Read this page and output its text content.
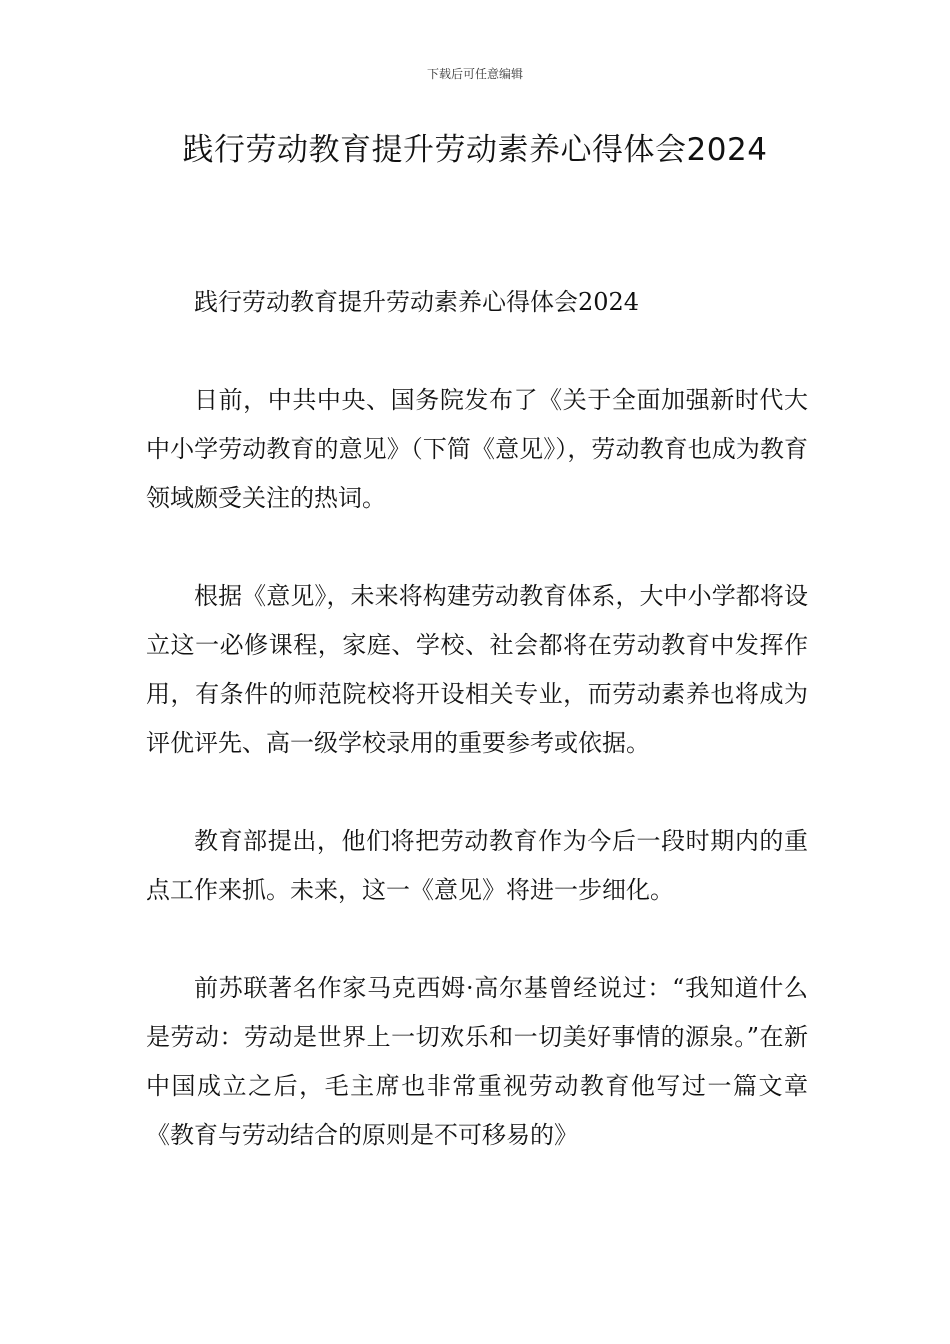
下载后可任意编辑
践行劳动教育提升劳动素养心得体会2024

践行劳动教育提升劳动素养心得体会2024

日前，中共中央、国务院发布了《关于全面加强新时代大中小学劳动教育的意见》（下简《意见》），劳动教育也成为教育领域颇受关注的热词。

根据《意见》，未来将构建劳动教育体系，大中小学都将设立这一必修课程，家庭、学校、社会都将在劳动教育中发挥作用，有条件的师范院校将开设相关专业，而劳动素养也将成为评优评先、高一级学校录用的重要参考或依据。

教育部提出，他们将把劳动教育作为今后一段时期内的重点工作来抓。未来，这一《意见》将进一步细化。

前苏联著名作家马克西姆·高尔基曾经说过：“我知道什么是劳动：劳动是世界上一切欢乐和一切美好事情的源泉。”在新中国成立之后，毛主席也非常重视劳动教育他写过一篇文章《教育与劳动结合的原则是不可移易的》
